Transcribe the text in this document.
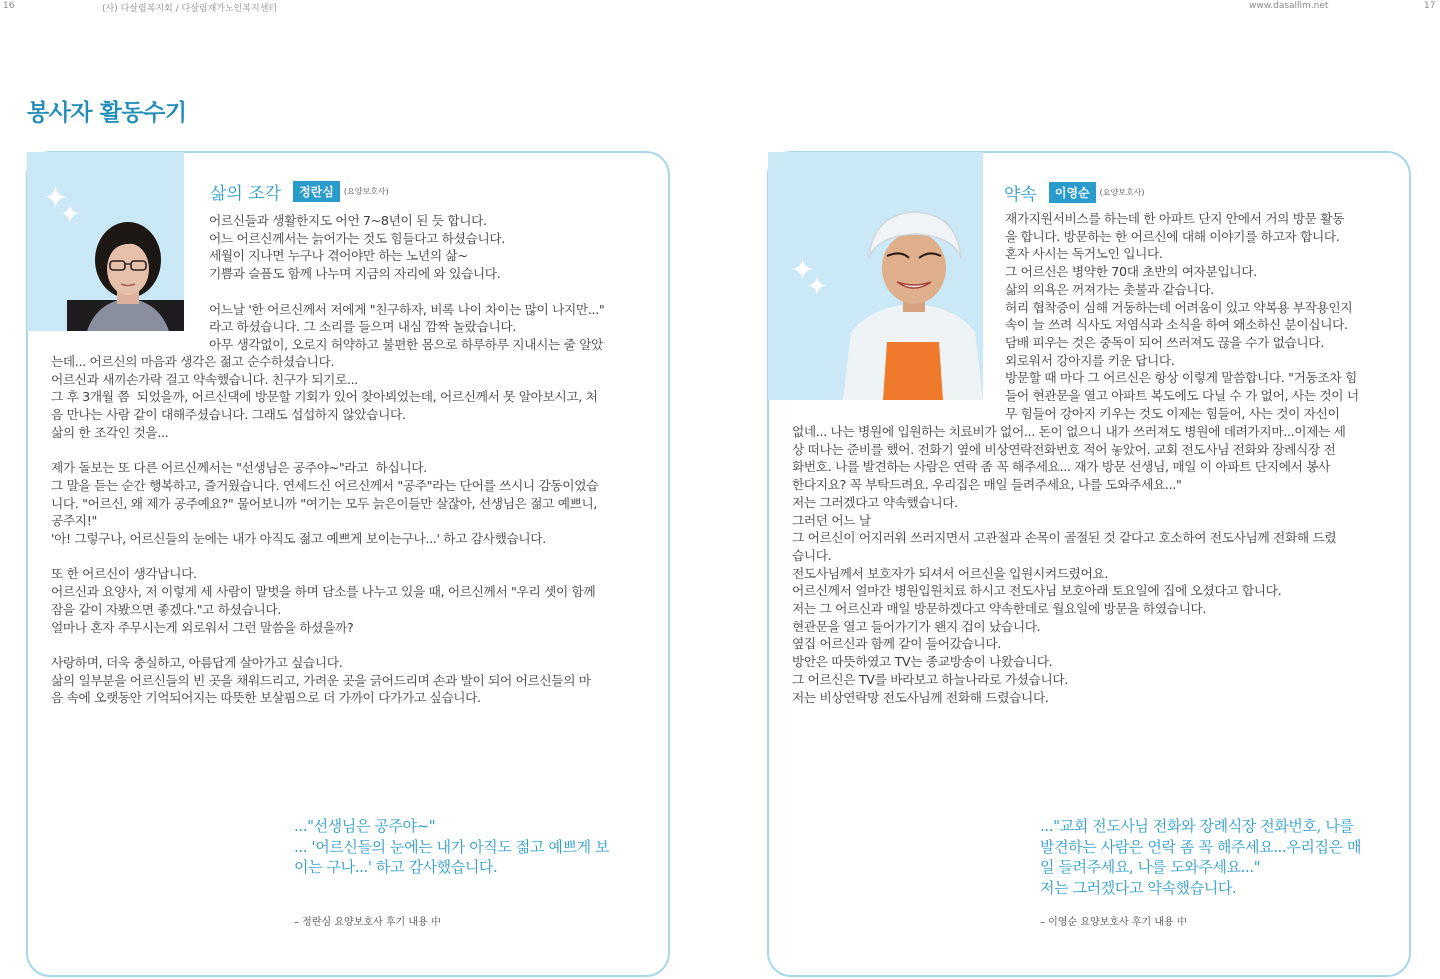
16	(사) 다살림복지회 / 다살림재가노인복지센터	www.dasallim.net	17
봉사자 활동수기
✦
✦
삶의 조각	정란심	(요양보호사)
어르신들과 생활한지도 어언 7~8년이 된 듯 합니다.
어느 어르신께서는 늙어가는 것도 힘들다고 하셨습니다.
세월이 지나면 누구나 겪어야만 하는 노년의 삶~
기쁨과 슬픔도 함께 나누며 지금의 자리에 와 있습니다.

어느날 '한 어르신께서 저에게 "친구하자, 비록 나이 차이는 많이 나지만..."
라고 하셨습니다. 그 소리를 들으며 내심 깜짝 놀랐습니다.
아무 생각없이, 오로지 허약하고 불편한 몸으로 하루하루 지내시는 줄 알았
는데... 어르신의 마음과 생각은 젊고 순수하셨습니다.
어르신과 새끼손가락 걸고 약속했습니다. 친구가 되기로...
그 후 3개월 쯤  되었을까, 어르신댁에 방문할 기회가 있어 찾아뵈었는데, 어르신께서 못 알아보시고, 처
음 만나는 사람 같이 대해주셨습니다. 그래도 섭섭하지 않았습니다.
삶의 한 조각인 것을...

제가 돌보는 또 다른 어르신께서는 "선생님은 공주야~"라고  하십니다.
그 말을 듣는 순간 행복하고, 즐거웠습니다. 연세드신 어르신께서 "공주"라는 단어를 쓰시니 감동이었습
니다. "어르신, 왜 제가 공주예요?" 물어보니까 "여기는 모두 늙은이들만 살잖아, 선생님은 젊고 예쁘니,
공주지!"
'아! 그렇구나, 어르신들의 눈에는 내가 아직도 젊고 예쁘게 보이는구나...' 하고 감사했습니다.

또 한 어르신이 생각납니다.
어르신과 요양사, 저 이렇게 세 사람이 말벗을 하며 담소를 나누고 있을 때, 어르신께서 "우리 셋이 함께
잠을 같이 자봤으면 좋겠다."고 하셨습니다.
얼마나 혼자 주무시는게 외로워서 그런 말씀을 하셨을까?

사랑하며, 더욱 충실하고, 아름답게 살아가고 싶습니다.
삶의 일부분을 어르신들의 빈 곳을 채워드리고, 가려운 곳을 긁어드리며 손과 발이 되어 어르신들의 마
음 속에 오랫동안 기억되어지는 따뜻한 보살핌으로 더 가까이 다가가고 싶습니다.
..."선생님은 공주야~"
... '어르신들의 눈에는 내가 아직도 젊고 예쁘게 보
이는 구나...' 하고 감사했습니다.
– 정란심 요양보호사 후기 내용 中
✦
✦
약속	이영순	(요양보호사)
재가지원서비스를 하는데 한 아파트 단지 안에서 거의 방문 활동
을 합니다. 방문하는 한 어르신에 대해 이야기를 하고자 합니다.
혼자 사시는 독거노인 입니다.
그 어르신은 병약한 70대 초반의 여자분입니다.
삶의 의욕은 꺼져가는 촛불과 같습니다.
허리 협착증이 심해 거동하는데 어려움이 있고 약복용 부작용인지
속이 늘 쓰려 식사도 저염식과 소식을 하여 왜소하신 분이십니다.
담배 피우는 것은 중독이 되어 쓰러져도 끊을 수가 없습니다.
외로워서 강아지를 키운 답니다.
방문할 때 마다 그 어르신은 항상 이렇게 말씀합니다. "거동조차 힘
들어 현관문을 열고 아파트 복도에도 다닐 수 가 없어, 사는 것이 너
무 힘들어 강아지 키우는 것도 이제는 힘들어, 사는 것이 자신이
없네... 나는 병원에 입원하는 치료비가 없어... 돈이 없으니 내가 쓰러져도 병원에 데려가지마...이제는 세
상 떠나는 준비를 했어. 전화기 옆에 비상연락전화번호 적어 놓았어. 교회 전도사님 전화와 장례식장 전
화번호. 나를 발견하는 사람은 연락 좀 꼭 해주세요... 재가 방문 선생님, 매일 이 아파트 단지에서 봉사
한다지요? 꼭 부탁드려요. 우리집은 매일 들려주세요, 나를 도와주세요..."
저는 그러겠다고 약속했습니다.
그러던 어느 날
그 어르신이 어지러워 쓰러지면서 고관절과 손목이 골절된 것 같다고 호소하여 전도사님께 전화해 드렸
습니다.
전도사님께서 보호자가 되셔서 어르신을 입원시켜드렸어요.
어르신께서 얼마간 병원입원치료 하시고 전도사님 보호아래 토요일에 집에 오셨다고 합니다.
저는 그 어르신과 매일 방문하겠다고 약속한데로 월요일에 방문을 하였습니다.
현관문을 열고 들어가기가 왠지 겁이 났습니다.
옆집 어르신과 함께 같이 들어갔습니다.
방안은 따뜻하였고 TV는 종교방송이 나왔습니다.
그 어르신은 TV를 바라보고 하늘나라로 가셨습니다.
저는 비상연락망 전도사님께 전화해 드렸습니다.
..."교회 전도사님 전화와 장례식장 전화번호, 나를
발견하는 사람은 연락 좀 꼭 해주세요...우리집은 매
일 들려주세요, 나를 도와주세요..."
저는 그러겠다고 약속했습니다.
– 이영순 요양보호사 후기 내용 中
